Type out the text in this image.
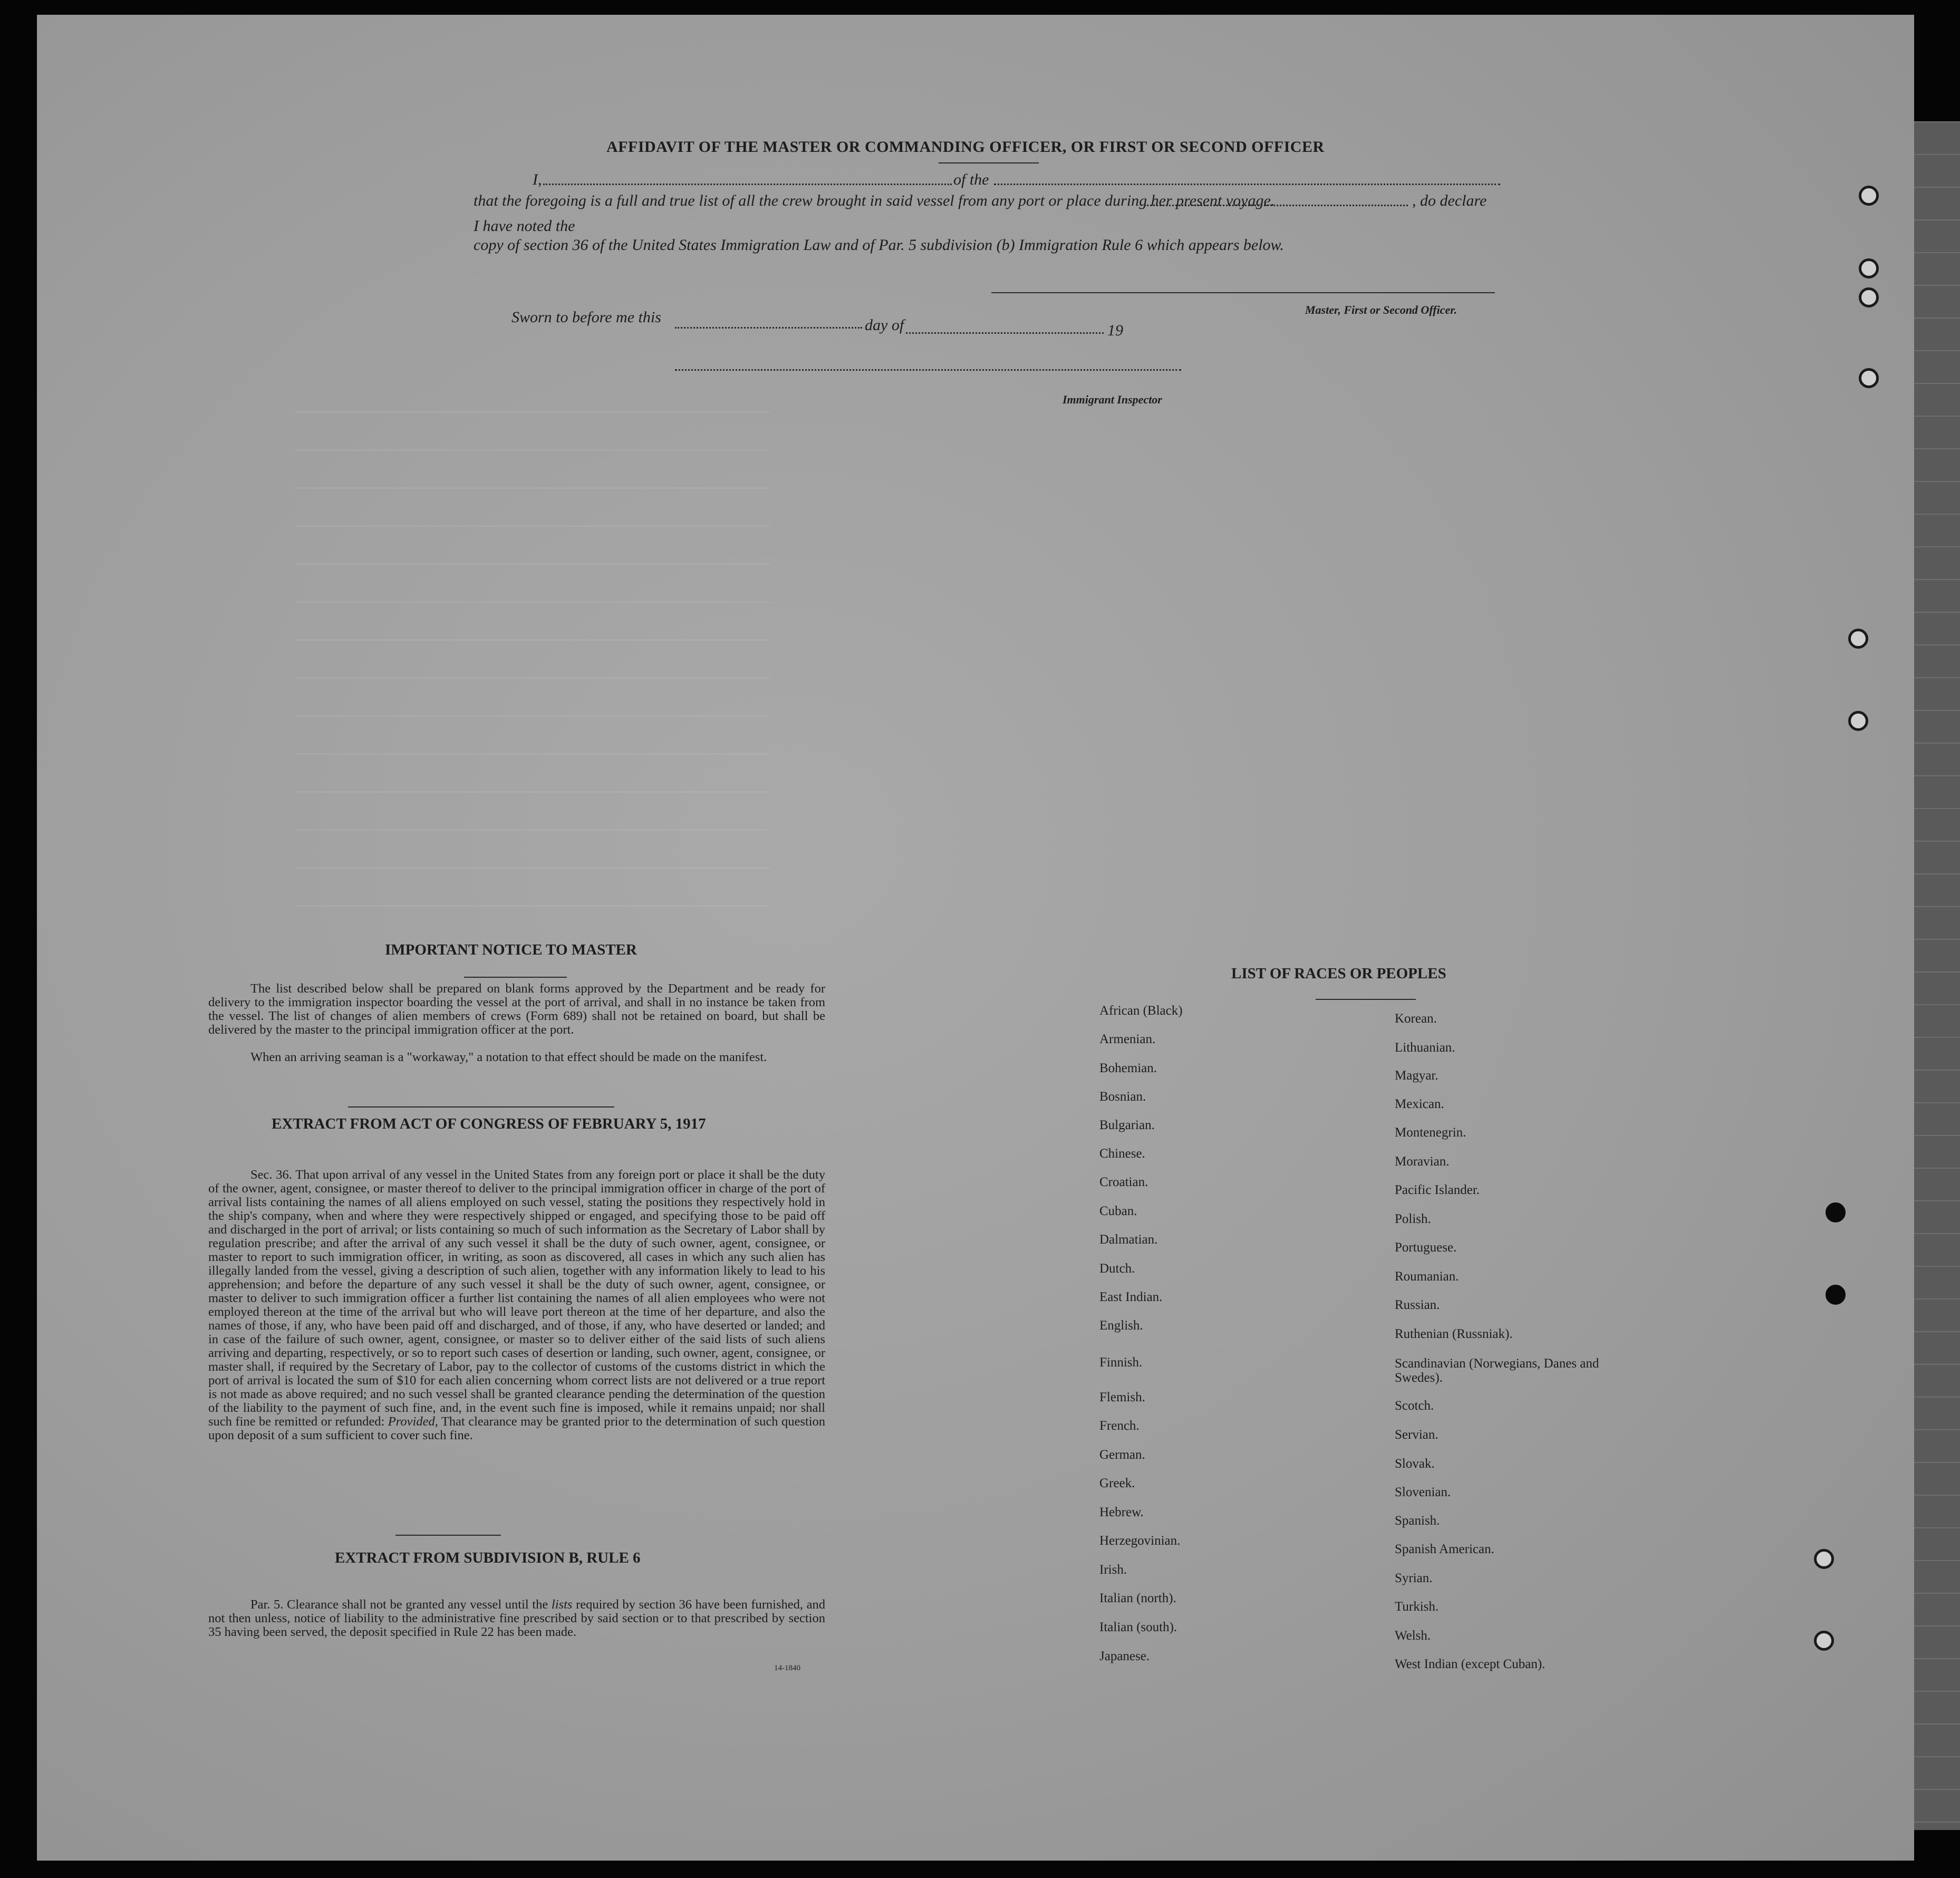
AFFIDAVIT OF THE MASTER OR COMMANDING OFFICER, OR FIRST OR SECOND OFFICER
I,	of the
that the foregoing is a full and true list of all the crew brought in said vessel from any port or place during her present voyage.	, do declare
I have noted the
copy of section 36 of the United States Immigration Law and of Par. 5 subdivision (b) Immigration Rule 6 which appears below.
Master, First or Second Officer.
Sworn to before me this	day of	19
Immigrant Inspector
IMPORTANT NOTICE TO MASTER
The list described below shall be prepared on blank forms approved by the Department and be ready for delivery to the immigration inspector boarding the vessel at the port of arrival, and shall in no instance be taken from the vessel. The list of changes of alien members of crews (Form 689) shall not be retained on board, but shall be delivered by the master to the principal immigration officer at the port.
When an arriving seaman is a "workaway," a notation to that effect should be made on the manifest.
EXTRACT FROM ACT OF CONGRESS OF FEBRUARY 5, 1917
Sec. 36. That upon arrival of any vessel in the United States from any foreign port or place it shall be the duty of the owner, agent, consignee, or master thereof to deliver to the principal immigration officer in charge of the port of arrival lists containing the names of all aliens employed on such vessel, stating the positions they respectively hold in the ship's company, when and where they were respectively shipped or engaged, and specifying those to be paid off and discharged in the port of arrival; or lists containing so much of such information as the Secretary of Labor shall by regulation prescribe; and after the arrival of any such vessel it shall be the duty of such owner, agent, consignee, or master to report to such immigration officer, in writing, as soon as discovered, all cases in which any such alien has illegally landed from the vessel, giving a description of such alien, together with any information likely to lead to his apprehension; and before the departure of any such vessel it shall be the duty of such owner, agent, consignee, or master to deliver to such immigration officer a further list containing the names of all alien employees who were not employed thereon at the time of the arrival but who will leave port thereon at the time of her departure, and also the names of those, if any, who have been paid off and discharged, and of those, if any, who have deserted or landed; and in case of the failure of such owner, agent, consignee, or master so to deliver either of the said lists of such aliens arriving and departing, respectively, or so to report such cases of desertion or landing, such owner, agent, consignee, or master shall, if required by the Secretary of Labor, pay to the collector of customs of the customs district in which the port of arrival is located the sum of $10 for each alien concerning whom correct lists are not delivered or a true report is not made as above required; and no such vessel shall be granted clearance pending the determination of the question of the liability to the payment of such fine, and, in the event such fine is imposed, while it remains unpaid; nor shall such fine be remitted or refunded: Provided, That clearance may be granted prior to the determination of such question upon deposit of a sum sufficient to cover such fine.
EXTRACT FROM SUBDIVISION B, RULE 6
Par. 5. Clearance shall not be granted any vessel until the lists required by section 36 have been furnished, and not then unless, notice of liability to the administrative fine prescribed by said section or to that prescribed by section 35 having been served, the deposit specified in Rule 22 has been made.
14-1840
LIST OF RACES OR PEOPLES
African (Black)
Armenian.
Bohemian.
Bosnian.
Bulgarian.
Chinese.
Croatian.
Cuban.
Dalmatian.
Dutch.
East Indian.
English.
Finnish.
Flemish.
French.
German.
Greek.
Hebrew.
Herzegovinian.
Irish.
Italian (north).
Italian (south).
Japanese.
Korean.
Lithuanian.
Magyar.
Mexican.
Montenegrin.
Moravian.
Pacific Islander.
Polish.
Portuguese.
Roumanian.
Russian.
Ruthenian (Russniak).
Scandinavian (Norwegians, Danes and Swedes).
Scotch.
Servian.
Slovak.
Slovenian.
Spanish.
Spanish American.
Syrian.
Turkish.
Welsh.
West Indian (except Cuban).
